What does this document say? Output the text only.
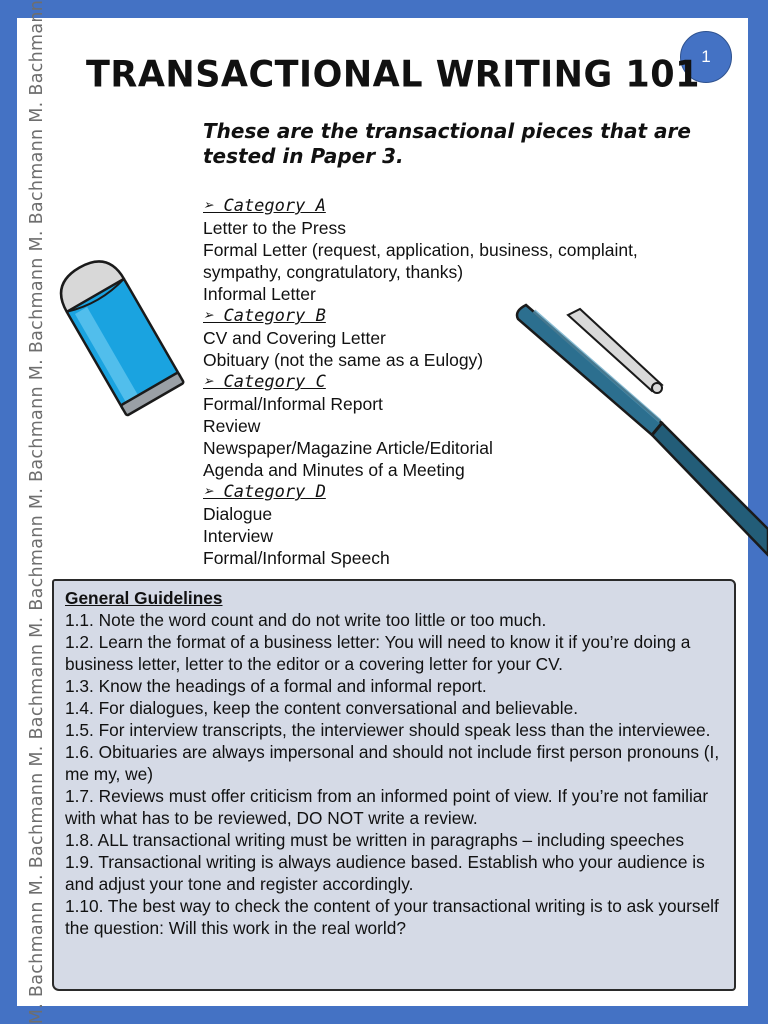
M. Bachmann M. Bachmann M. Bachmann M. Bachmann M. Bachmann M. Bachmann M. Bachmann M. Bachmann	1
TRANSACTIONAL WRITING 101
These are the transactional pieces that are tested in Paper 3.
➢ Category A
Letter to the Press
Formal Letter (request, application, business, complaint, sympathy, congratulatory, thanks)
Informal Letter
➢ Category B
CV and Covering Letter
Obituary (not the same as a Eulogy)
➢ Category C
Formal/Informal Report
Review
Newspaper/Magazine Article/Editorial
Agenda and Minutes of a Meeting
➢ Category D
Dialogue
Interview
Formal/Informal Speech
General Guidelines
1.1. Note the word count and do not write too little or too much.
1.2. Learn the format of a business letter: You will need to know it if you’re doing a business letter, letter to the editor or a covering letter for your CV.
1.3. Know the headings of a formal and informal report.
1.4. For dialogues, keep the content conversational and believable.
1.5. For interview transcripts, the interviewer should speak less than the interviewee.
1.6. Obituaries are always impersonal and should not include first person pronouns (I, me my, we)
1.7. Reviews must offer criticism from an informed point of view. If you’re not familiar with what has to be reviewed, DO NOT write a review.
1.8. ALL transactional writing must be written in paragraphs – including speeches
1.9. Transactional writing is always audience based. Establish who your audience is and adjust your tone and register accordingly.
1.10. The best way to check the content of your transactional writing is to ask yourself the question: Will this work in the real world?
